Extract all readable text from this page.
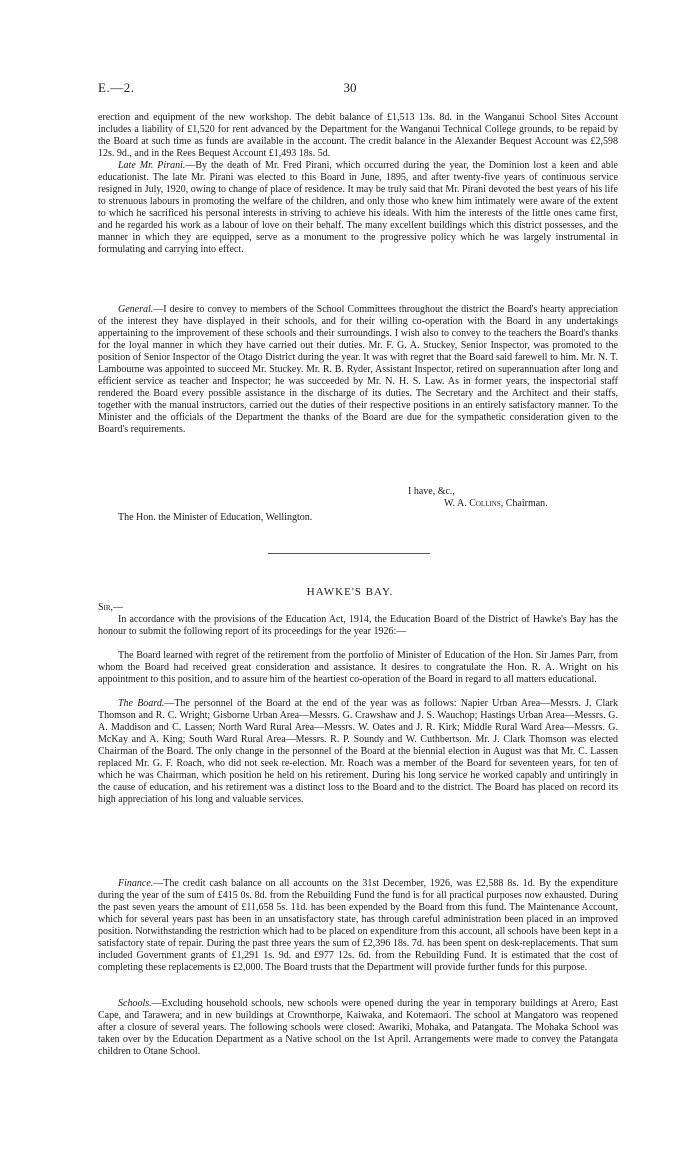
E.—2.	30

erection and equipment of the new workshop. The debit balance of £1,513 13s. 8d. in the Wanganui School Sites Account includes a liability of £1,520 for rent advanced by the Department for the Wanganui Technical College grounds, to be repaid by the Board at such time as funds are available in the account. The credit balance in the Alexander Bequest Account was £2,598 12s. 9d., and in the Rees Bequest Account £1,493 18s. 5d.

Late Mr. Pirani.—By the death of Mr. Fred Pirani, which occurred during the year, the Dominion lost a keen and able educationist. The late Mr. Pirani was elected to this Board in June, 1895, and after twenty-five years of continuous service resigned in July, 1920, owing to change of place of residence. It may be truly said that Mr. Pirani devoted the best years of his life to strenuous labours in promoting the welfare of the children, and only those who knew him intimately were aware of the extent to which he sacrificed his personal interests in striving to achieve his ideals. With him the interests of the little ones came first, and he regarded his work as a labour of love on their behalf. The many excellent buildings which this district possesses, and the manner in which they are equipped, serve as a monument to the progressive policy which he was largely instrumental in formulating and carrying into effect.

General.—I desire to convey to members of the School Committees throughout the district the Board's hearty appreciation of the interest they have displayed in their schools, and for their willing co-operation with the Board in any undertakings appertaining to the improvement of these schools and their surroundings. I wish also to convey to the teachers the Board's thanks for the loyal manner in which they have carried out their duties. Mr. F. G. A. Stuckey, Senior Inspector, was promoted to the position of Senior Inspector of the Otago District during the year. It was with regret that the Board said farewell to him. Mr. N. T. Lambourne was appointed to succeed Mr. Stuckey. Mr. R. B. Ryder, Assistant Inspector, retired on superannuation after long and efficient service as teacher and Inspector; he was succeeded by Mr. N. H. S. Law. As in former years, the inspectorial staff rendered the Board every possible assistance in the discharge of its duties. The Secretary and the Architect and their staffs, together with the manual instructors, carried out the duties of their respective positions in an entirely satisfactory manner. To the Minister and the officials of the Department the thanks of the Board are due for the sympathetic consideration given to the Board's requirements.

I have, &c.,

W. A. Collins, Chairman.

The Hon. the Minister of Education, Wellington.

HAWKE'S BAY.
Sir,—

In accordance with the provisions of the Education Act, 1914, the Education Board of the District of Hawke's Bay has the honour to submit the following report of its proceedings for the year 1926:—

The Board learned with regret of the retirement from the portfolio of Minister of Education of the Hon. Sir James Parr, from whom the Board had received great consideration and assistance. It desires to congratulate the Hon. R. A. Wright on his appointment to this position, and to assure him of the heartiest co-operation of the Board in regard to all matters educational.

The Board.—The personnel of the Board at the end of the year was as follows: Napier Urban Area—Messrs. J. Clark Thomson and R. C. Wright; Gisborne Urban Area—Messrs. G. Crawshaw and J. S. Wauchop; Hastings Urban Area—Messrs. G. A. Maddison and C. Lassen; North Ward Rural Area—Messrs. W. Oates and J. R. Kirk; Middle Rural Ward Area—Messrs. G. McKay and A. King; South Ward Rural Area—Messrs. R. P. Soundy and W. Cuthbertson. Mr. J. Clark Thomson was elected Chairman of the Board. The only change in the personnel of the Board at the biennial election in August was that Mr. C. Lassen replaced Mr. G. F. Roach, who did not seek re-election. Mr. Roach was a member of the Board for seventeen years, for ten of which he was Chairman, which position he held on his retirement. During his long service he worked capably and untiringly in the cause of education, and his retirement was a distinct loss to the Board and to the district. The Board has placed on record its high appreciation of his long and valuable services.

Finance.—The credit cash balance on all accounts on the 31st December, 1926, was £2,588 8s. 1d. By the expenditure during the year of the sum of £415 0s. 8d. from the Rebuilding Fund the fund is for all practical purposes now exhausted. During the past seven years the amount of £11,658 5s. 11d. has been expended by the Board from this fund. The Maintenance Account, which for several years past has been in an unsatisfactory state, has through careful administration been placed in an improved position. Notwithstanding the restriction which had to be placed on expenditure from this account, all schools have been kept in a satisfactory state of repair. During the past three years the sum of £2,396 18s. 7d. has been spent on desk-replacements. That sum included Government grants of £1,291 1s. 9d. and £977 12s. 6d. from the Rebuilding Fund. It is estimated that the cost of completing these replacements is £2,000. The Board trusts that the Department will provide further funds for this purpose.

Schools.—Excluding household schools, new schools were opened during the year in temporary buildings at Arero, East Cape, and Tarawera; and in new buildings at Crownthorpe, Kaiwaka, and Kotemaori. The school at Mangatoro was reopened after a closure of several years. The following schools were closed: Awariki, Mohaka, and Patangata. The Mohaka School was taken over by the Education Department as a Native school on the 1st April. Arrangements were made to convey the Patangata children to Otane School.
